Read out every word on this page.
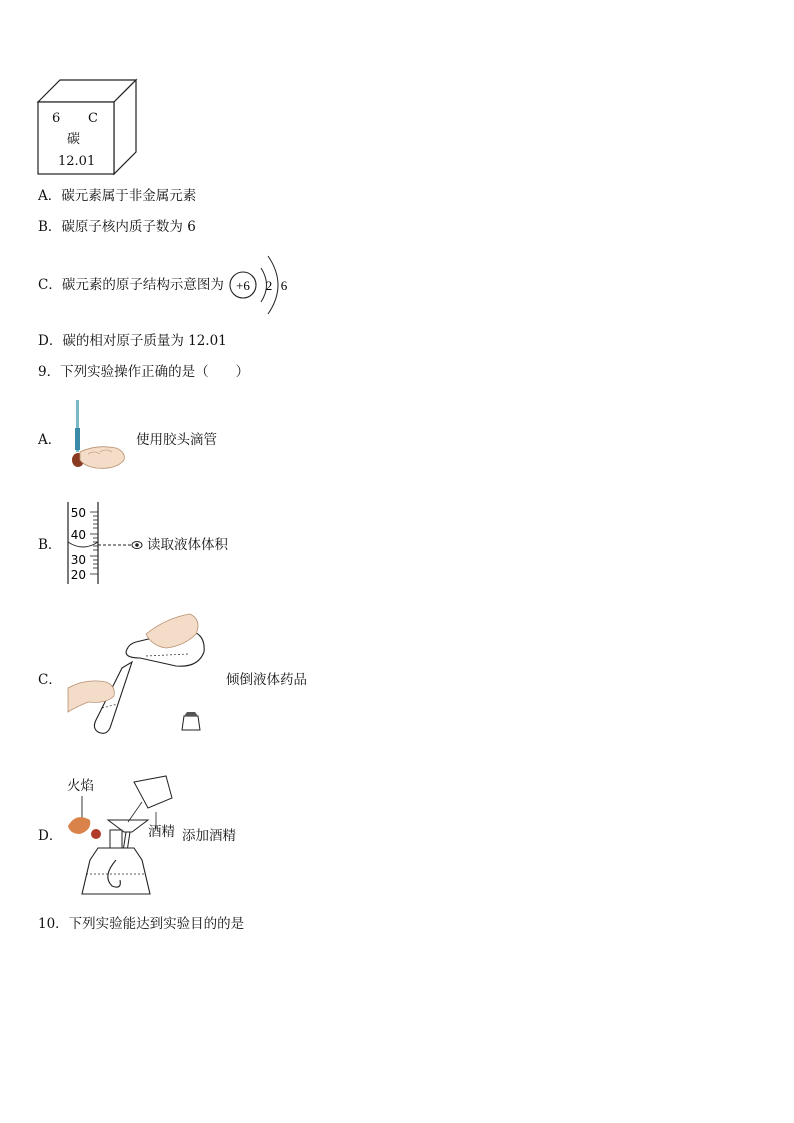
6 C
碳
12.01
A．碳元素属于非金属元素
B．碳原子核内质子数为 6
C．碳元素的原子结构示意图为 +6 2 6
D．碳的相对原子质量为 12.01
9．下列实验操作正确的是（　　）
A．	使用胶头滴管
B．
50
40
30
20
读取液体体积
C．	倾倒液体药品
D．
火焰
酒精 添加酒精
10．下列实验能达到实验目的的是
